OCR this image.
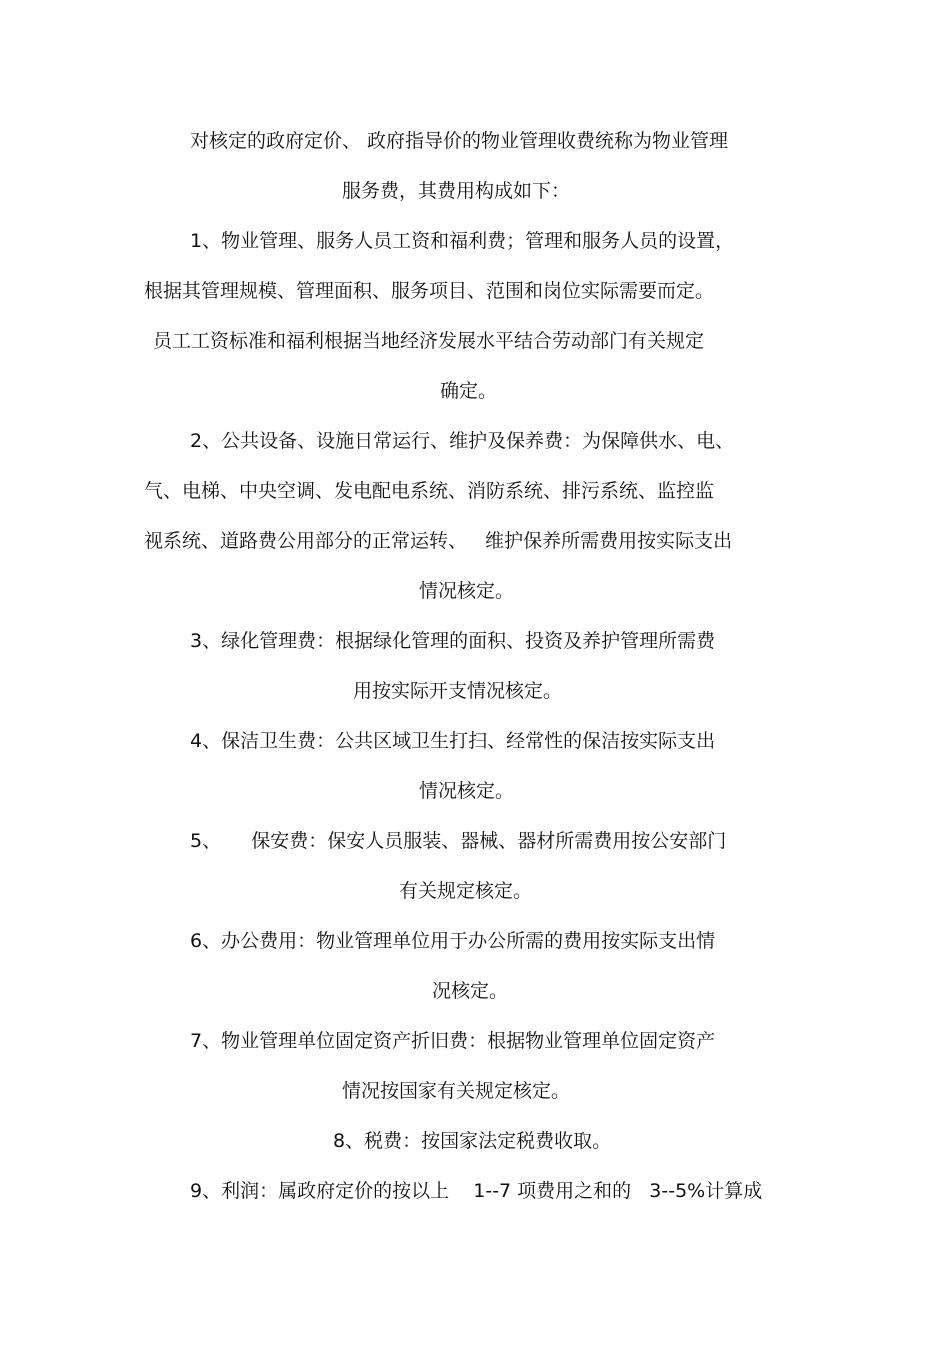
对核定的政府定价、 政府指导价的物业管理收费统称为物业管理
服务费，其费用构成如下：
1、物业管理、服务人员工资和福利费；管理和服务人员的设置，
根据其管理规模、管理面积、服务项目、范围和岗位实际需要而定。
员工工资标准和福利根据当地经济发展水平结合劳动部门有关规定
确定。
2、公共设备、设施日常运行、维护及保养费：为保障供水、电、
气、电梯、中央空调、发电配电系统、消防系统、排污系统、监控监
视系统、道路费公用部分的正常运转、   维护保养所需费用按实际支出
情况核定。
3、绿化管理费：根据绿化管理的面积、投资及养护管理所需费
用按实际开支情况核定。
4、保洁卫生费：公共区域卫生打扫、经常性的保洁按实际支出
情况核定。
5、     保安费：保安人员服装、器械、器材所需费用按公安部门
有关规定核定。
6、办公费用：物业管理单位用于办公所需的费用按实际支出情
况核定。
7、物业管理单位固定资产折旧费：根据物业管理单位固定资产
情况按国家有关规定核定。
8、税费：按国家法定税费收取。
9、利润：属政府定价的按以上    1--7 项费用之和的   3--5%计算成
